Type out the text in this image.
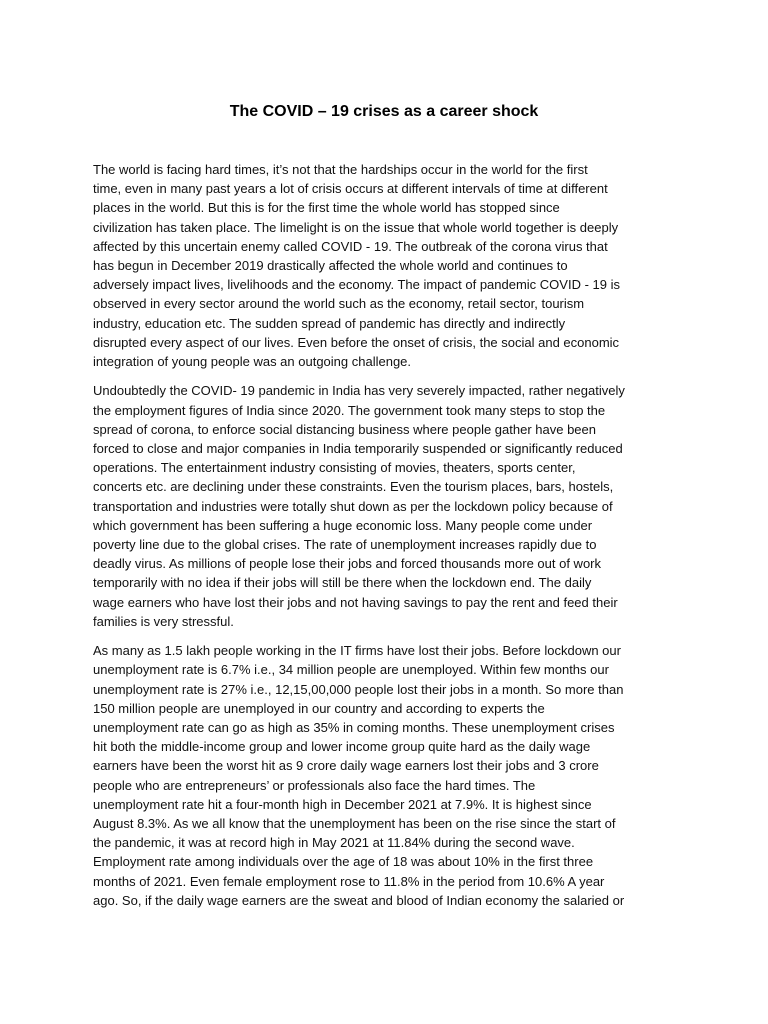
The COVID – 19 crises as a career shock
The world is facing hard times, it’s not that the hardships occur in the world for the first
time, even in many past years a lot of crisis occurs at different intervals of time at different
places in the world. But this is for the first time the whole world has stopped since
civilization has taken place. The limelight is on the issue that whole world together is deeply
affected by this uncertain enemy called COVID - 19. The outbreak of the corona virus that
has begun in December 2019 drastically affected the whole world and continues to
adversely impact lives, livelihoods and the economy. The impact of pandemic COVID - 19 is
observed in every sector around the world such as the economy, retail sector, tourism
industry, education etc. The sudden spread of pandemic has directly and indirectly
disrupted every aspect of our lives. Even before the onset of crisis, the social and economic
integration of young people was an outgoing challenge.
Undoubtedly the COVID- 19 pandemic in India has very severely impacted, rather negatively
the employment figures of India since 2020. The government took many steps to stop the
spread of corona, to enforce social distancing business where people gather have been
forced to close and major companies in India temporarily suspended or significantly reduced
operations. The entertainment industry consisting of movies, theaters, sports center,
concerts etc. are declining under these constraints. Even the tourism places, bars, hostels,
transportation and industries were totally shut down as per the lockdown policy because of
which government has been suffering a huge economic loss. Many people come under
poverty line due to the global crises. The rate of unemployment increases rapidly due to
deadly virus. As millions of people lose their jobs and forced thousands more out of work
temporarily with no idea if their jobs will still be there when the lockdown end. The daily
wage earners who have lost their jobs and not having savings to pay the rent and feed their
families is very stressful.
As many as 1.5 lakh people working in the IT firms have lost their jobs. Before lockdown our
unemployment rate is 6.7% i.e., 34 million people are unemployed. Within few months our
unemployment rate is 27% i.e., 12,15,00,000 people lost their jobs in a month. So more than
150 million people are unemployed in our country and according to experts the
unemployment rate can go as high as 35% in coming months. These unemployment crises
hit both the middle-income group and lower income group quite hard as the daily wage
earners have been the worst hit as 9 crore daily wage earners lost their jobs and 3 crore
people who are entrepreneurs’ or professionals also face the hard times. The
unemployment rate hit a four-month high in December 2021 at 7.9%. It is highest since
August 8.3%. As we all know that the unemployment has been on the rise since the start of
the pandemic, it was at record high in May 2021 at 11.84% during the second wave.
Employment rate among individuals over the age of 18 was about 10% in the first three
months of 2021. Even female employment rose to 11.8% in the period from 10.6% A year
ago. So, if the daily wage earners are the sweat and blood of Indian economy the salaried or
